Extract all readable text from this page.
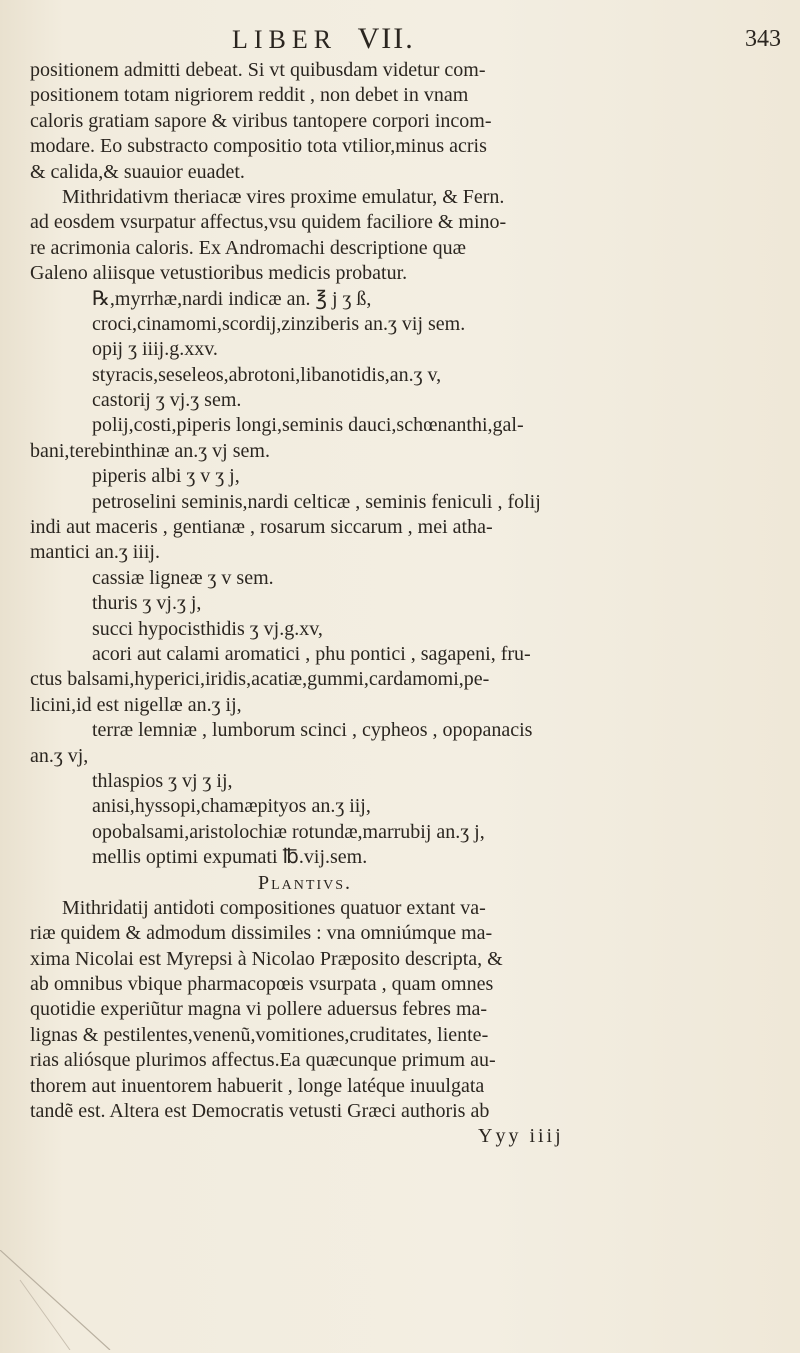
LIBER VII.	343
positionem admitti debeat. Si vt quibusdam videtur com-
positionem totam nigriorem reddit , non debet in vnam
caloris gratiam sapore & viribus tantopere corpori incom-
modare. Eo substracto compositio tota vtilior,minus acris
& calida,& suauior euadet.
Mithridativm theriacæ vires proxime emulatur, & Fern.
ad eosdem vsurpatur affectus,vsu quidem faciliore & mino-
re acrimonia caloris. Ex Andromachi descriptione quæ
Galeno aliisque vetustioribus medicis probatur.
℞,myrrhæ,nardi indicæ an. ℥ j ʒ ß,
croci,cinamomi,scordij,zinziberis an.ʒ vij sem.
opij ʒ iiij.g.xxv.
styracis,seseleos,abrotoni,libanotidis,an.ʒ v,
castorij ʒ vj.ʒ sem.
polij,costi,piperis longi,seminis dauci,schœnanthi,gal-
bani,terebinthinæ an.ʒ vj sem.
piperis albi ʒ v ʒ j,
petroselini seminis,nardi celticæ , seminis feniculi , folij
indi aut maceris , gentianæ , rosarum siccarum , mei atha-
mantici an.ʒ iiij.
cassiæ ligneæ ʒ v sem.
thuris ʒ vj.ʒ j,
succi hypocisthidis ʒ vj.g.xv,
acori aut calami aromatici , phu pontici , sagapeni, fru-
ctus balsami,hyperici,iridis,acatiæ,gummi,cardamomi,pe-
licini,id est nigellæ an.ʒ ij,
terræ lemniæ , lumborum scinci , cypheos , opopanacis
an.ʒ vj,
thlaspios ʒ vj ʒ ij,
anisi,hyssopi,chamæpityos an.ʒ iij,
opobalsami,aristolochiæ rotundæ,marrubij an.ʒ j,
mellis optimi expumati ℔.vij.sem.
Plantivs.
Mithridatij antidoti compositiones quatuor extant va-
riæ quidem & admodum dissimiles : vna omniúmque ma-
xima Nicolai est Myrepsi à Nicolao Præposito descripta, &
ab omnibus vbique pharmacopœis vsurpata , quam omnes
quotidie experiũtur magna vi pollere aduersus febres ma-
lignas & pestilentes,venenũ,vomitiones,cruditates, liente-
rias aliósque plurimos affectus.Ea quæcunque primum au-
thorem aut inuentorem habuerit , longe latéque inuulgata
tandẽ est. Altera est Democratis vetusti Græci authoris ab
Yyy iiij
